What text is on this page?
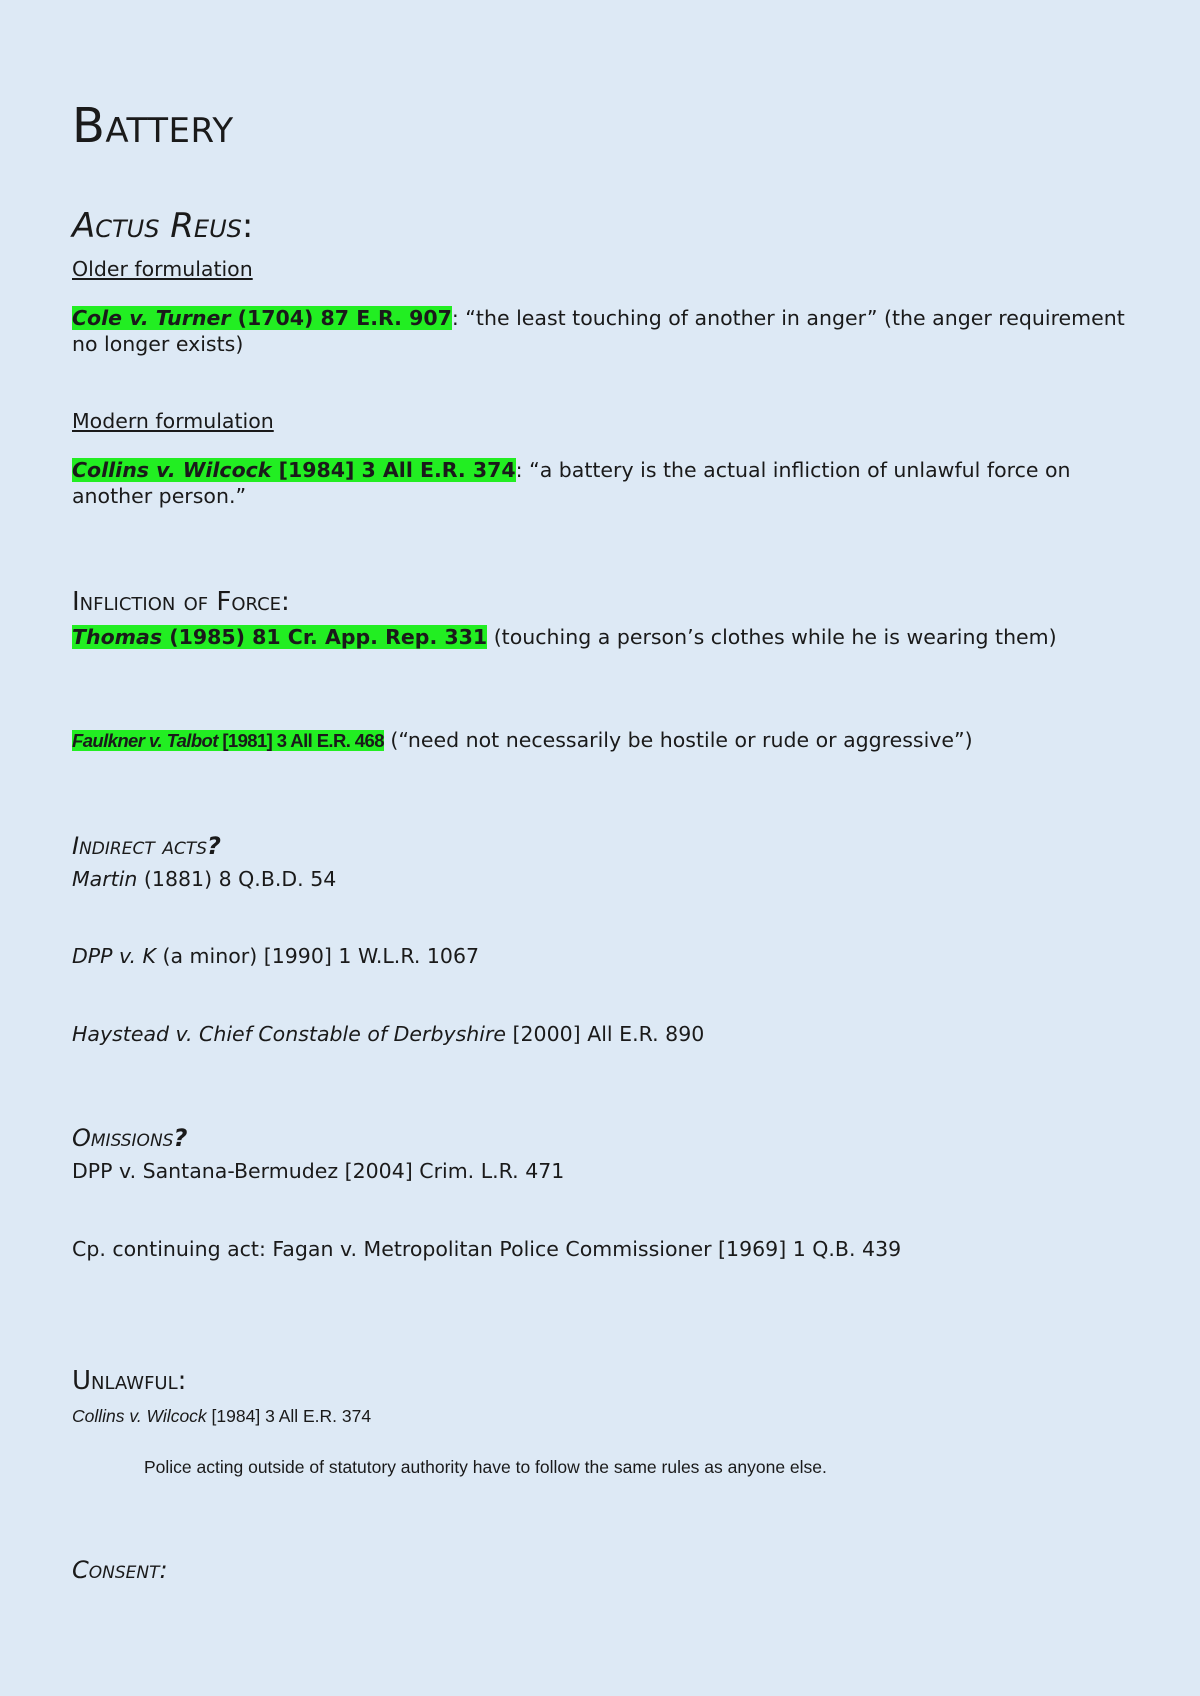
Battery
Actus Reus:
Older formulation
Cole v. Turner (1704) 87 E.R. 907: “the least touching of another in anger” (the anger requirement no longer exists)
Modern formulation
Collins v. Wilcock [1984] 3 All E.R. 374: “a battery is the actual infliction of unlawful force on another person.”
Infliction of Force:
Thomas (1985) 81 Cr. App. Rep. 331 (touching a person’s clothes while he is wearing them)
Faulkner v. Talbot [1981] 3 All E.R. 468 (“need not necessarily be hostile or rude or aggressive”)
Indirect acts?
Martin (1881) 8 Q.B.D. 54
DPP v. K (a minor) [1990] 1 W.L.R. 1067
Haystead v. Chief Constable of Derbyshire [2000] All E.R. 890
Omissions?
DPP v. Santana-Bermudez [2004] Crim. L.R. 471
Cp. continuing act: Fagan v. Metropolitan Police Commissioner [1969] 1 Q.B. 439
Unlawful:
Collins v. Wilcock [1984] 3 All E.R. 374
Police acting outside of statutory authority have to follow the same rules as anyone else.
Consent:
